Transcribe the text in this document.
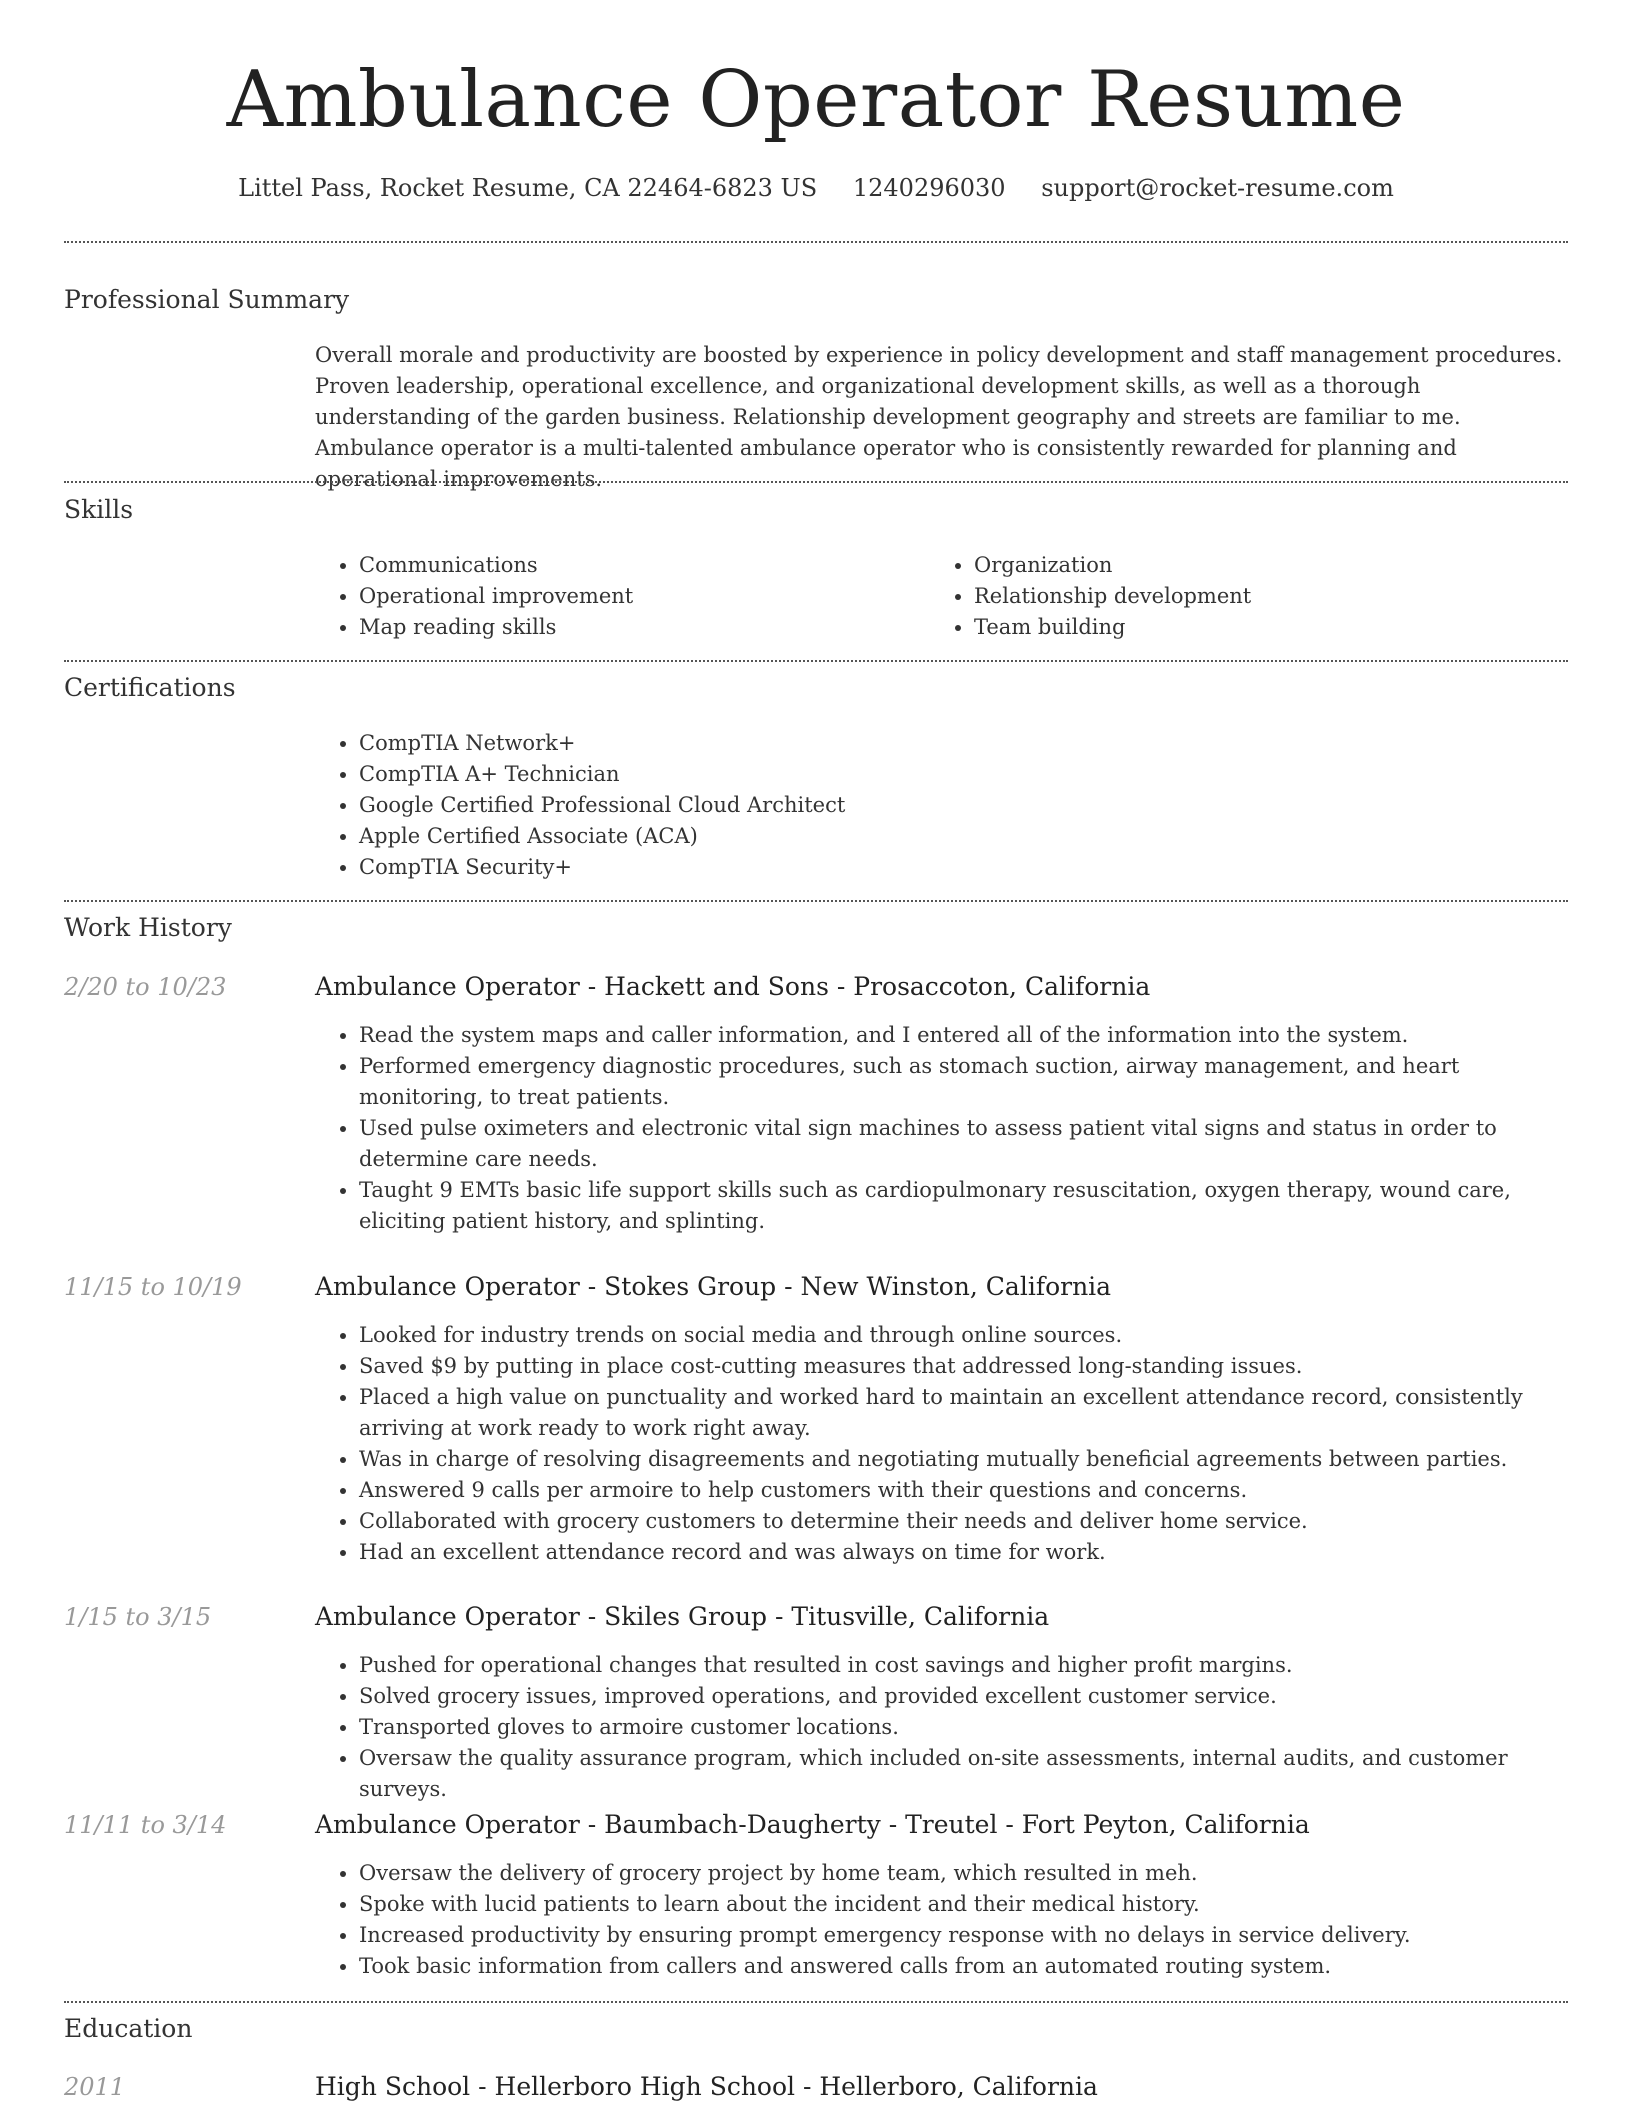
Ambulance Operator Resume
Littel Pass, Rocket Resume, CA 22464-6823 US 1240296030 support@rocket-resume.com
Professional Summary

Overall morale and productivity are boosted by experience in policy development and staff management procedures. Proven leadership, operational excellence, and organizational development skills, as well as a thorough understanding of the garden business. Relationship development geography and streets are familiar to me. Ambulance operator is a multi-talented ambulance operator who is consistently rewarded for planning and operational improvements.

Skills
• Communications
• Operational improvement
• Map reading skills
• Organization
• Relationship development
• Team building
Certifications
• CompTIA Network+
• CompTIA A+ Technician
• Google Certified Professional Cloud Architect
• Apple Certified Associate (ACA)
• CompTIA Security+
Work History
2/20 to 10/23	Ambulance Operator - Hackett and Sons - Prosaccoton, California
• Read the system maps and caller information, and I entered all of the information into the system.
• Performed emergency diagnostic procedures, such as stomach suction, airway management, and heart monitoring, to treat patients.
• Used pulse oximeters and electronic vital sign machines to assess patient vital signs and status in order to determine care needs.
• Taught 9 EMTs basic life support skills such as cardiopulmonary resuscitation, oxygen therapy, wound care, eliciting patient history, and splinting.
11/15 to 10/19	Ambulance Operator - Stokes Group - New Winston, California
• Looked for industry trends on social media and through online sources.
• Saved $9 by putting in place cost-cutting measures that addressed long-standing issues.
• Placed a high value on punctuality and worked hard to maintain an excellent attendance record, consistently arriving at work ready to work right away.
• Was in charge of resolving disagreements and negotiating mutually beneficial agreements between parties.
• Answered 9 calls per armoire to help customers with their questions and concerns.
• Collaborated with grocery customers to determine their needs and deliver home service.
• Had an excellent attendance record and was always on time for work.
1/15 to 3/15	Ambulance Operator - Skiles Group - Titusville, California
• Pushed for operational changes that resulted in cost savings and higher profit margins.
• Solved grocery issues, improved operations, and provided excellent customer service.
• Transported gloves to armoire customer locations.
• Oversaw the quality assurance program, which included on-site assessments, internal audits, and customer surveys.
11/11 to 3/14	Ambulance Operator - Baumbach-Daugherty - Treutel - Fort Peyton, California
• Oversaw the delivery of grocery project by home team, which resulted in meh.
• Spoke with lucid patients to learn about the incident and their medical history.
• Increased productivity by ensuring prompt emergency response with no delays in service delivery.
• Took basic information from callers and answered calls from an automated routing system.
Education
2011	High School - Hellerboro High School - Hellerboro, California
